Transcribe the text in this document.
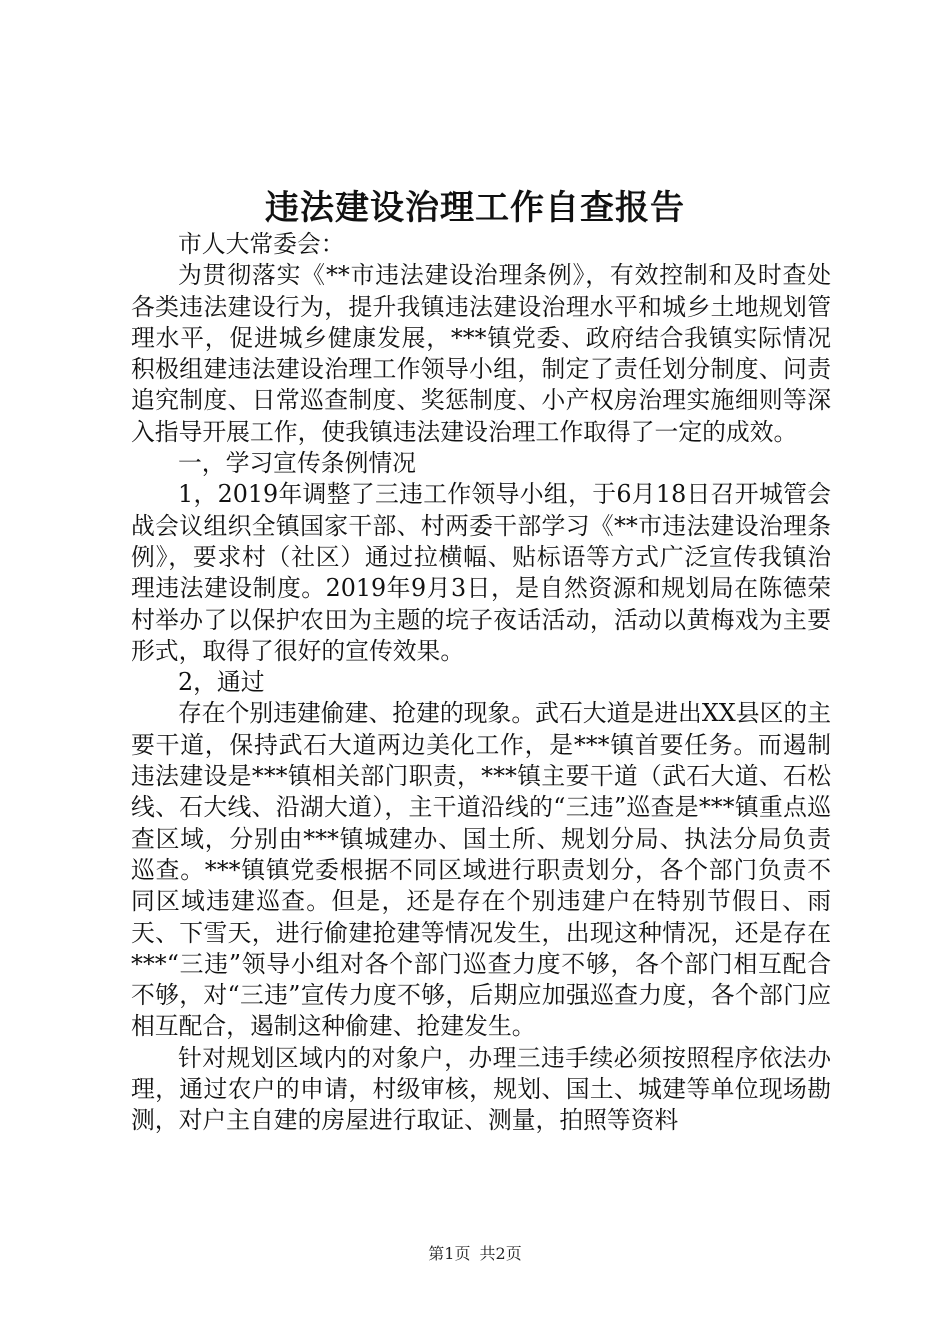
违法建设治理工作自查报告

市人大常委会：

为贯彻落实《**市违法建设治理条例》，有效控制和及时查处各类违法建设行为，提升我镇违法建设治理水平和城乡土地规划管理水平，促进城乡健康发展，***镇党委、政府结合我镇实际情况积极组建违法建设治理工作领导小组，制定了责任划分制度、问责追究制度、日常巡查制度、奖惩制度、小产权房治理实施细则等深入指导开展工作，使我镇违法建设治理工作取得了一定的成效。

一，学习宣传条例情况

1，2019年调整了三违工作领导小组，于6月18日召开城管会战会议组织全镇国家干部、村两委干部学习《**市违法建设治理条例》，要求村（社区）通过拉横幅、贴标语等方式广泛宣传我镇治理违法建设制度。2019年9月3日，是自然资源和规划局在陈德荣村举办了以保护农田为主题的垸子夜话活动，活动以黄梅戏为主要形式，取得了很好的宣传效果。

2，通过

存在个别违建偷建、抢建的现象。武石大道是进出XX县区的主要干道，保持武石大道两边美化工作，是***镇首要任务。而遏制违法建设是***镇相关部门职责，***镇主要干道（武石大道、石松线、石大线、沿湖大道），主干道沿线的“三违”巡查是***镇重点巡查区域，分别由***镇城建办、国土所、规划分局、执法分局负责巡查。***镇镇党委根据不同区域进行职责划分，各个部门负责不同区域违建巡查。但是，还是存在个别违建户在特别节假日、雨天、下雪天，进行偷建抢建等情况发生，出现这种情况，还是存在***“三违”领导小组对各个部门巡查力度不够，各个部门相互配合不够，对“三违”宣传力度不够，后期应加强巡查力度，各个部门应相互配合，遏制这种偷建、抢建发生。

针对规划区域内的对象户，办理三违手续必须按照程序依法办理，通过农户的申请，村级审核，规划、国土、城建等单位现场勘测，对户主自建的房屋进行取证、测量，拍照等资料

第1页 共2页
